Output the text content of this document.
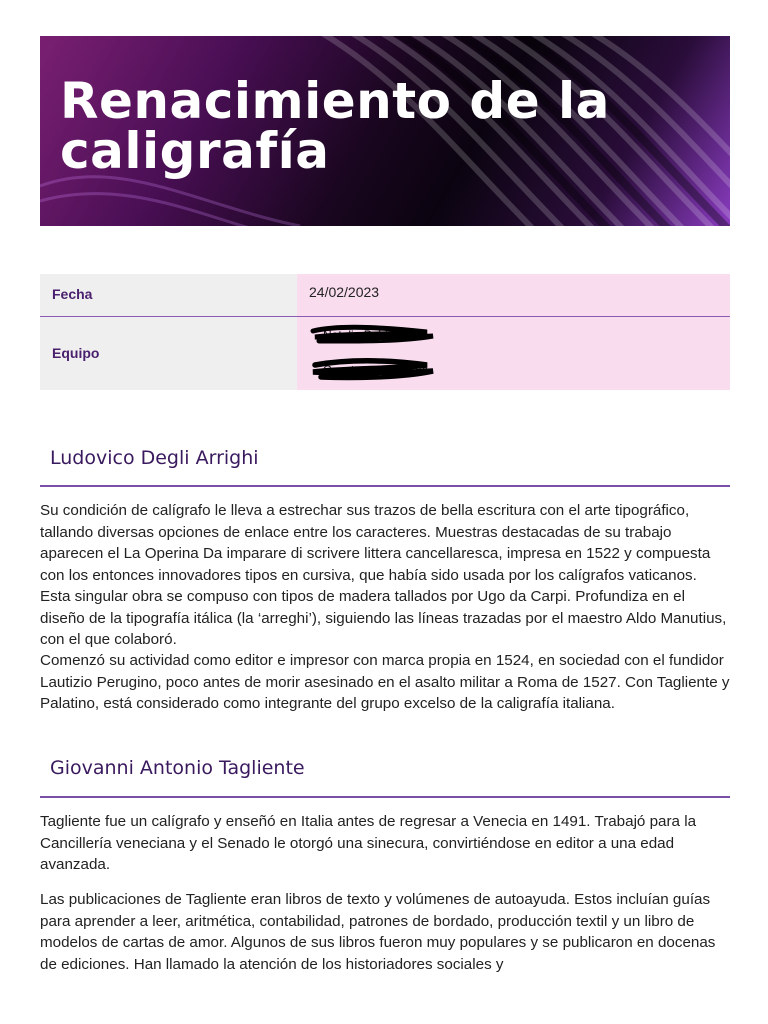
Renacimiento de la
caligrafía
Fecha	24/02/2023
Equipo	Natalia Poblete
Constanza Cisterna
Ludovico Degli Arrighi

Su condición de calígrafo le lleva a estrechar sus trazos de bella escritura con el arte tipográfico, tallando diversas opciones de enlace entre los caracteres. Muestras destacadas de su trabajo aparecen el La Operina Da imparare di scrivere littera cancellaresca, impresa en 1522 y compuesta con los entonces innovadores tipos en cursiva, que había sido usada por los calígrafos vaticanos. Esta singular obra se compuso con tipos de madera tallados por Ugo da Carpi. Profundiza en el diseño de la tipografía itálica (la ‘arreghi’), siguiendo las líneas trazadas por el maestro Aldo Manutius, con el que colaboró.

Comenzó su actividad como editor e impresor con marca propia en 1524, en sociedad con el fundidor Lautizio Perugino, poco antes de morir asesinado en el asalto militar a Roma de 1527. Con Tagliente y Palatino, está considerado como integrante del grupo excelso de la caligrafía italiana.

Giovanni Antonio Tagliente

Tagliente fue un calígrafo y enseñó en Italia antes de regresar a Venecia en 1491. Trabajó para la Cancillería veneciana y el Senado le otorgó una sinecura, convirtiéndose en editor a una edad avanzada.

Las publicaciones de Tagliente eran libros de texto y volúmenes de autoayuda. Estos incluían guías para aprender a leer, aritmética, contabilidad, patrones de bordado, producción textil y un libro de modelos de cartas de amor. Algunos de sus libros fueron muy populares y se publicaron en docenas de ediciones. Han llamado la atención de los historiadores sociales y
